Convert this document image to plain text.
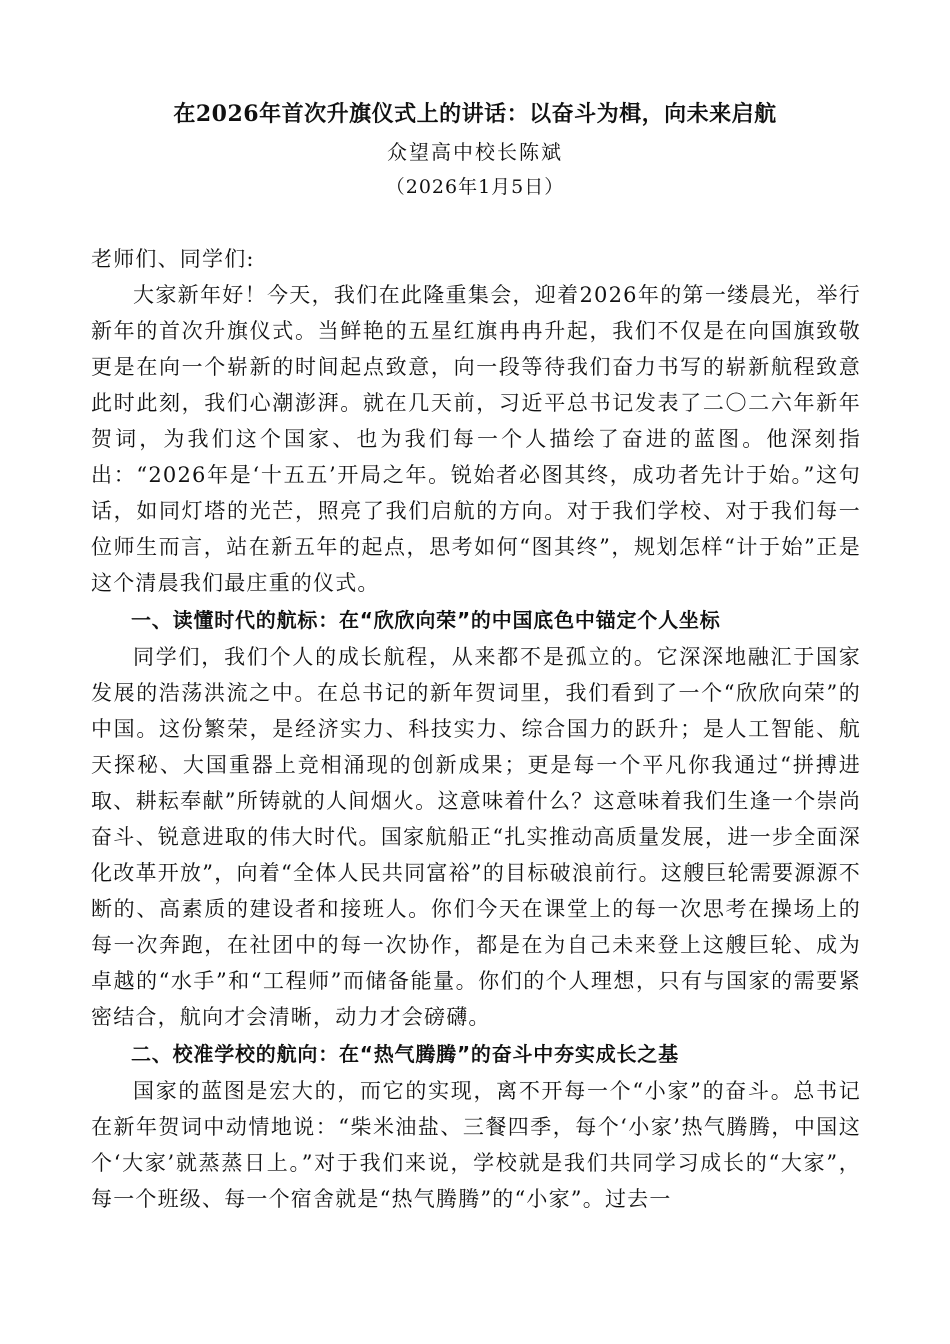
在2026年首次升旗仪式上的讲话：以奋斗为楫，向未来启航
众望高中校长陈斌
（2026年1月5日）

老师们、同学们:

大家新年好！今天，我们在此隆重集会，迎着2026年的第一缕晨光，举行新年的首次升旗仪式。当鲜艳的五星红旗冉冉升起，我们不仅是在向国旗致敬更是在向一个崭新的时间起点致意，向一段等待我们奋力书写的崭新航程致意此时此刻，我们心潮澎湃。就在几天前，习近平总书记发表了二〇二六年新年贺词，为我们这个国家、也为我们每一个人描绘了奋进的蓝图。他深刻指出：“2026年是‘十五五’开局之年。锐始者必图其终，成功者先计于始。”这句话，如同灯塔的光芒，照亮了我们启航的方向。对于我们学校、对于我们每一位师生而言，站在新五年的起点，思考如何“图其终”，规划怎样“计于始”正是这个清晨我们最庄重的仪式。

一、读懂时代的航标：在“欣欣向荣”的中国底色中锚定个人坐标

同学们，我们个人的成长航程，从来都不是孤立的。它深深地融汇于国家发展的浩荡洪流之中。在总书记的新年贺词里，我们看到了一个“欣欣向荣”的中国。这份繁荣，是经济实力、科技实力、综合国力的跃升；是人工智能、航天探秘、大国重器上竞相涌现的创新成果；更是每一个平凡你我通过“拼搏进取、耕耘奉献”所铸就的人间烟火。这意味着什么？这意味着我们生逢一个崇尚奋斗、锐意进取的伟大时代。国家航船正“扎实推动高质量发展，进一步全面深化改革开放”，向着“全体人民共同富裕”的目标破浪前行。这艘巨轮需要源源不断的、高素质的建设者和接班人。你们今天在课堂上的每一次思考在操场上的每一次奔跑，在社团中的每一次协作，都是在为自己未来登上这艘巨轮、成为卓越的“水手”和“工程师”而储备能量。你们的个人理想，只有与国家的需要紧密结合，航向才会清晰，动力才会磅礴。

二、校准学校的航向：在“热气腾腾”的奋斗中夯实成长之基

国家的蓝图是宏大的，而它的实现，离不开每一个“小家”的奋斗。总书记在新年贺词中动情地说：“柴米油盐、三餐四季，每个‘小家’热气腾腾，中国这个‘大家’就蒸蒸日上。”对于我们来说，学校就是我们共同学习成长的“大家”，每一个班级、每一个宿舍就是“热气腾腾”的“小家”。过去一
